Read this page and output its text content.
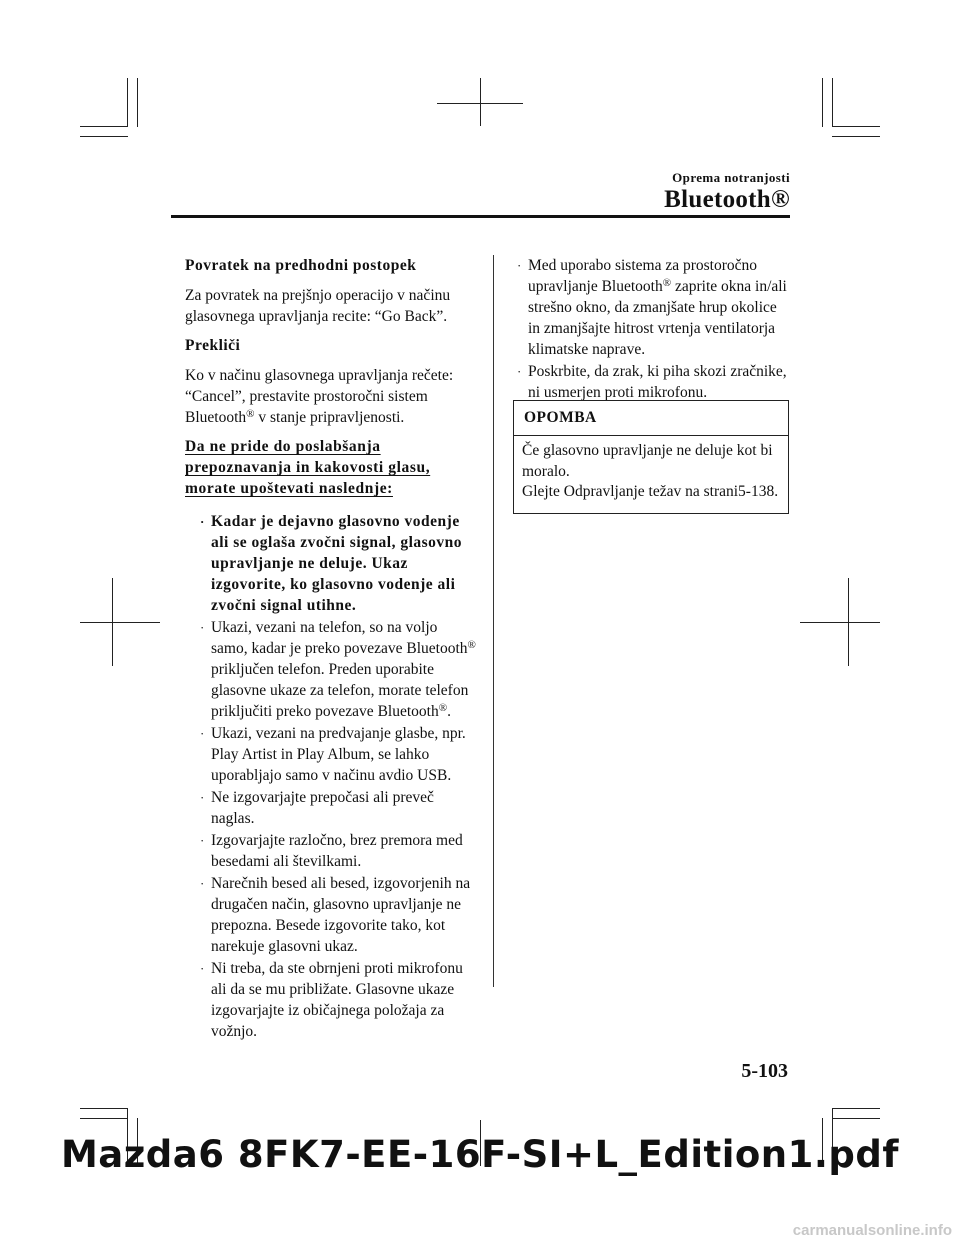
Oprema notranjosti
Bluetooth®

Povratek na predhodni postopek

Za povratek na prejšnjo operacijo v načinu glasovnega upravljanja recite: “Go Back”.

Prekliči

Ko v načinu glasovnega upravljanja rečete: “Cancel”, prestavite prostoročni sistem Bluetooth® v stanje pripravljenosti.

Da ne pride do poslabšanja prepoznavanja in kakovosti glasu, morate upoštevati naslednje:

· Kadar je dejavno glasovno vodenje ali se oglaša zvočni signal, glasovno upravljanje ne deluje. Ukaz izgovorite, ko glasovno vodenje ali zvočni signal utihne.
· Ukazi, vezani na telefon, so na voljo samo, kadar je preko povezave Bluetooth® priključen telefon. Preden uporabite glasovne ukaze za telefon, morate telefon priključiti preko povezave Bluetooth®.
· Ukazi, vezani na predvajanje glasbe, npr. Play Artist in Play Album, se lahko uporabljajo samo v načinu avdio USB.
· Ne izgovarjajte prepočasi ali preveč naglas.
· Izgovarjajte razločno, brez premora med besedami ali številkami.
· Narečnih besed ali besed, izgovorjenih na drugačen način, glasovno upravljanje ne prepozna. Besede izgovorite tako, kot narekuje glasovni ukaz.
· Ni treba, da ste obrnjeni proti mikrofonu ali da se mu približate. Glasovne ukaze izgovarjajte iz običajnega položaja za vožnjo.
· Med uporabo sistema za prostoročno upravljanje Bluetooth® zaprite okna in/ali strešno okno, da zmanjšate hrup okolice in zmanjšajte hitrost vrtenja ventilatorja klimatske naprave.
· Poskrbite, da zrak, ki piha skozi zračnike, ni usmerjen proti mikrofonu.
OPOMBA
Če glasovno upravljanje ne deluje kot bi moralo.
Glejte Odpravljanje težav na strani5-138.
5-103
Mazda6 8FK7-EE-16F-SI+L_Edition1.pdf
carmanualsonline.info
